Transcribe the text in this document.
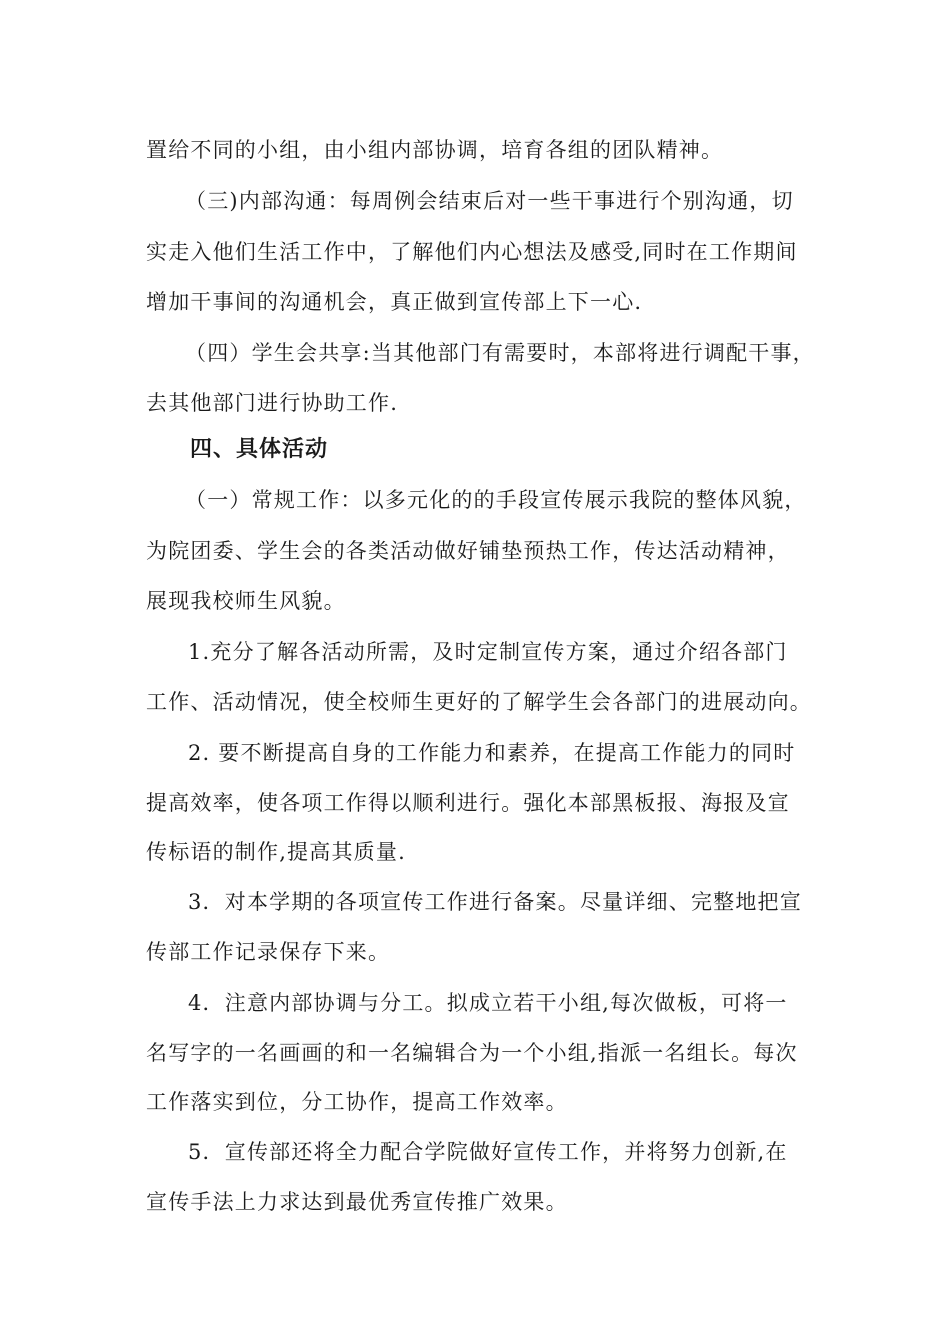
置给不同的小组，由小组内部协调，培育各组的团队精神。
（三)内部沟通：每周例会结束后对一些干事进行个别沟通，切
实走入他们生活工作中，了解他们内心想法及感受,同时在工作期间
增加干事间的沟通机会，真正做到宣传部上下一心.
（四）学生会共享:当其他部门有需要时，本部将进行调配干事，
去其他部门进行协助工作.
四、具体活动
（一）常规工作：以多元化的的手段宣传展示我院的整体风貌，
为院团委、学生会的各类活动做好铺垫预热工作，传达活动精神，
展现我校师生风貌。
1.充分了解各活动所需，及时定制宣传方案，通过介绍各部门
工作、活动情况，使全校师生更好的了解学生会各部门的进展动向。
2. 要不断提高自身的工作能力和素养，在提高工作能力的同时
提高效率，使各项工作得以顺利进行。强化本部黑板报、海报及宣
传标语的制作,提高其质量.
3．对本学期的各项宣传工作进行备案。尽量详细、完整地把宣
传部工作记录保存下来。
4．注意内部协调与分工。拟成立若干小组,每次做板，可将一
名写字的一名画画的和一名编辑合为一个小组,指派一名组长。每次
工作落实到位，分工协作，提高工作效率。
5．宣传部还将全力配合学院做好宣传工作，并将努力创新,在
宣传手法上力求达到最优秀宣传推广效果。
